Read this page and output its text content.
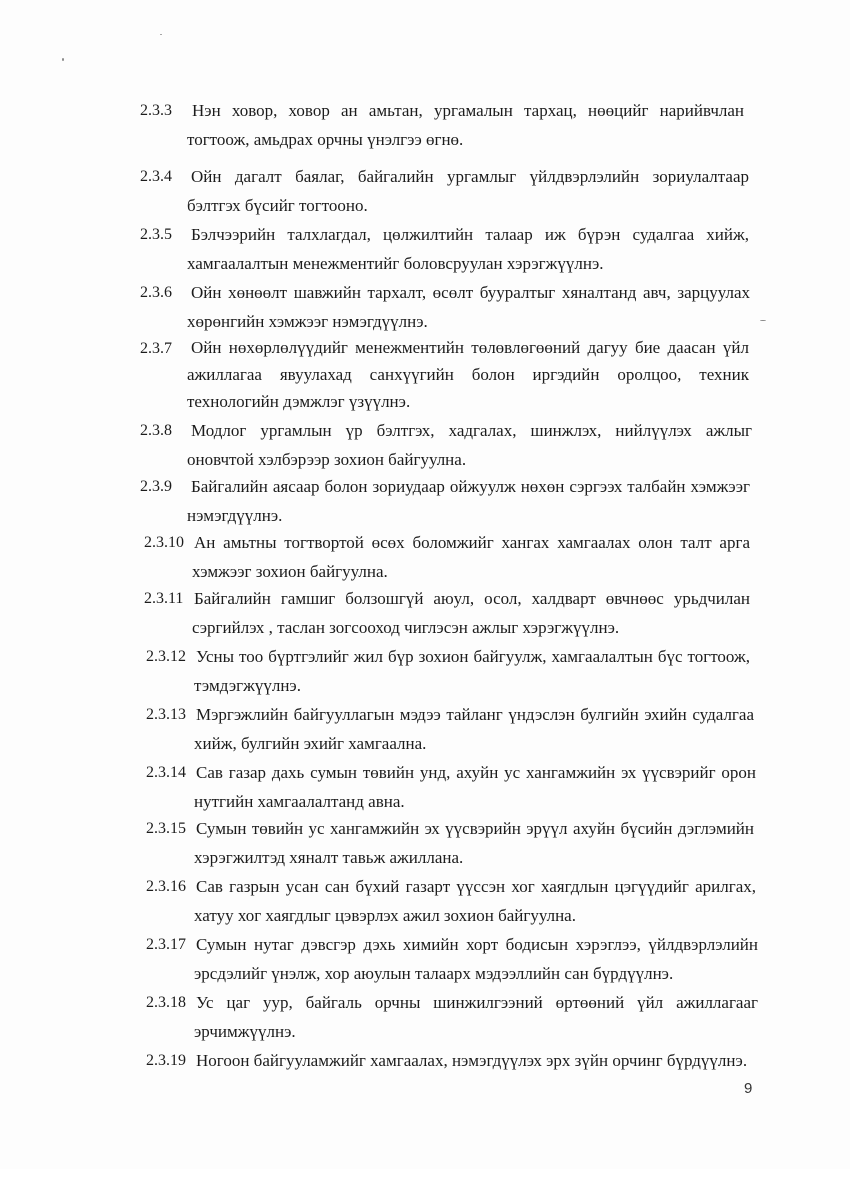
2.3.3 Нэн ховор, ховор ан амьтан, ургамалын тархац, нөөцийг нарийвчлан тогтоож, амьдрах орчны үнэлгээ өгнө.
2.3.4 Ойн дагалт баялаг, байгалийн ургамлыг үйлдвэрлэлийн зориулалтаар бэлтгэх бүсийг тогтооно.
2.3.5 Бэлчээрийн талхлагдал, цөлжилтийн талаар иж бүрэн судалгаа хийж, хамгаалалтын менежментийг боловсруулан хэрэгжүүлнэ.
2.3.6 Ойн хөнөөлт шавжийн тархалт, өсөлт бууралтыг хяналтанд авч, зарцуулах хөрөнгийн хэмжээг нэмэгдүүлнэ.
2.3.7 Ойн нөхөрлөлүүдийг менежментийн төлөвлөгөөний дагуу бие даасан үйл ажиллагаа явуулахад санхүүгийн болон иргэдийн оролцоо, техник технологийн дэмжлэг үзүүлнэ.
2.3.8 Модлог ургамлын үр бэлтгэх, хадгалах, шинжлэх, нийлүүлэх ажлыг оновчтой хэлбэрээр зохион байгуулна.
2.3.9 Байгалийн аясаар болон зориудаар ойжуулж нөхөн сэргээх талбайн хэмжээг нэмэгдүүлнэ.
2.3.10 Ан амьтны тогтвортой өсөх боломжийг хангах хамгаалах олон талт арга хэмжээг зохион байгуулна.
2.3.11 Байгалийн гамшиг болзошгүй аюул, осол, халдварт өвчнөөс урьдчилан сэргийлэх , таслан зогсооход чиглэсэн ажлыг хэрэгжүүлнэ.
2.3.12 Усны тоо бүртгэлийг жил бүр зохион байгуулж, хамгаалалтын бүс тогтоож, тэмдэгжүүлнэ.
2.3.13 Мэргэжлийн байгууллагын мэдээ тайланг үндэслэн булгийн эхийн судалгаа хийж, булгийн эхийг хамгаална.
2.3.14 Сав газар дахь сумын төвийн унд, ахуйн ус хангамжийн эх үүсвэрийг орон нутгийн хамгаалалтанд авна.
2.3.15 Сумын төвийн ус хангамжийн эх үүсвэрийн эрүүл ахуйн бүсийн дэглэмийн хэрэгжилтэд хяналт тавьж ажиллана.
2.3.16 Сав газрын усан сан бүхий газарт үүссэн хог хаягдлын цэгүүдийг арилгах, хатуу хог хаягдлыг цэвэрлэх ажил зохион байгуулна.
2.3.17 Сумын нутаг дэвсгэр дэхь химийн хорт бодисын хэрэглээ, үйлдвэрлэлийн эрсдэлийг үнэлж, хор аюулын талаарх мэдээллийн сан бүрдүүлнэ.
2.3.18 Ус цаг уур, байгаль орчны шинжилгээний өртөөний үйл ажиллагааг эрчимжүүлнэ.
2.3.19 Ногоон байгууламжийг хамгаалах, нэмэгдүүлэх эрх зүйн орчинг бүрдүүлнэ.
9
